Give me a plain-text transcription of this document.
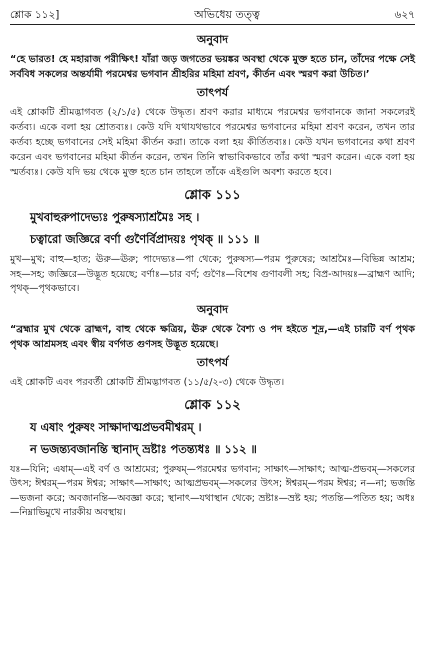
শ্লোক ১১২]	অভিধেয় তত্ত্ব	৬২৭
অনুবাদ

“হে ভারত! হে মহারাজ পরীক্ষিৎ! যাঁরা জড় জগতের ভয়ঙ্কর অবস্থা থেকে মুক্ত হতে চান, তাঁদের পক্ষে সেই সর্ববিধ সকলের অন্তর্যামী পরমেশ্বর ভগবান শ্রীহরির মহিমা শ্রবণ, কীর্তন এবং স্মরণ করা উচিত।’

তাৎপর্য

এই শ্লোকটি শ্রীমদ্ভাগবত (২/১/৫) থেকে উদ্ধৃত। শ্রবণ করার মাধ্যমে পরমেশ্বর ভগবানকে জানা সকলেরই কর্তব্য। একে বলা হয় শ্রোতব্যঃ। কেউ যদি যথাযথভাবে পরমেশ্বর ভগবানের মহিমা শ্রবণ করেন, তখন তার কর্তব্য হচ্ছে ভগবানের সেই মহিমা কীর্তন করা। তাকে বলা হয় কীর্তিতব্যঃ। কেউ যখন ভগবানের কথা শ্রবণ করেন এবং ভগবানের মহিমা কীর্তন করেন, তখন তিনি স্বাভাবিকভাবে তাঁর কথা স্মরণ করেন। একে বলা হয় স্মর্তব্যঃ। কেউ যদি ভয় থেকে মুক্ত হতে চান তাহলে তাঁকে এইগুলি অবশ্য করতে হবে।

শ্লোক ১১১
মুখবাহুরুপাদেভ্যঃ পুরুষস্যাশ্রমৈঃ সহ ।
চত্বারো জজ্ঞিরে বর্ণা গুণৈর্বিপ্রাদয়ঃ পৃথক্ ॥ ১১১ ॥

মুখ—মুখ; বাহু—হাত; ঊরু—ঊরু; পাদেভ্যঃ—পা থেকে; পুরুষস্য—পরম পুরুষের; আশ্রমৈঃ—বিভিন্ন আশ্রম; সহ—সহ; জজ্ঞিরে—উদ্ভূত হয়েছে; বর্ণাঃ—চার বর্ণ; গুণৈঃ—বিশেষ গুণাবলী সহ; বিপ্র-আদয়ঃ—ব্রাহ্মণ আদি; পৃথক্—পৃথকভাবে।

অনুবাদ

“ব্রহ্মার মুখ থেকে ব্রাহ্মণ, বাহু থেকে ক্ষত্রিয়, ঊরু থেকে বৈশ্য ও পদ হইতে শূদ্র,—এই চারটি বর্ণ পৃথক পৃথক আশ্রমসহ এবং স্বীয় বর্ণগত গুণসহ উদ্ভূত হয়েছে।

তাৎপর্য

এই শ্লোকটি এবং পরবর্তী শ্লোকটি শ্রীমদ্ভাগবত (১১/৫/২-৩) থেকে উদ্ধৃত।

শ্লোক ১১২
য এষাং পুরুষং সাক্ষাদাত্মপ্রভবমীশ্বরম্ ।
ন ভজন্ত্যবজানন্তি স্থানাদ্ ভ্রষ্টাঃ পতন্ত্যধঃ ॥ ১১২ ॥

যঃ—যিনি; এষাম্—এই বর্ণ ও আশ্রমের; পুরুষম্—পরমেশ্বর ভগবান; সাক্ষাৎ—সাক্ষাৎ; আত্ম-প্রভবম্—সকলের উৎস; ঈশ্বরম্—পরম ঈশ্বর; সাক্ষাৎ—সাক্ষাৎ; আত্মপ্রভবম্—সকলের উৎস; ঈশ্বরম্—পরম ঈশ্বর; ন—না; ভজন্তি—ভজনা করে; অবজানন্তি—অবজ্ঞা করে; স্থানাৎ—যথাস্থান থেকে; ভ্রষ্টাঃ—ভ্রষ্ট হয়; পতন্তি—পতিত হয়; অধঃ—নিম্নাভিমুখে নারকীয় অবস্থায়।
